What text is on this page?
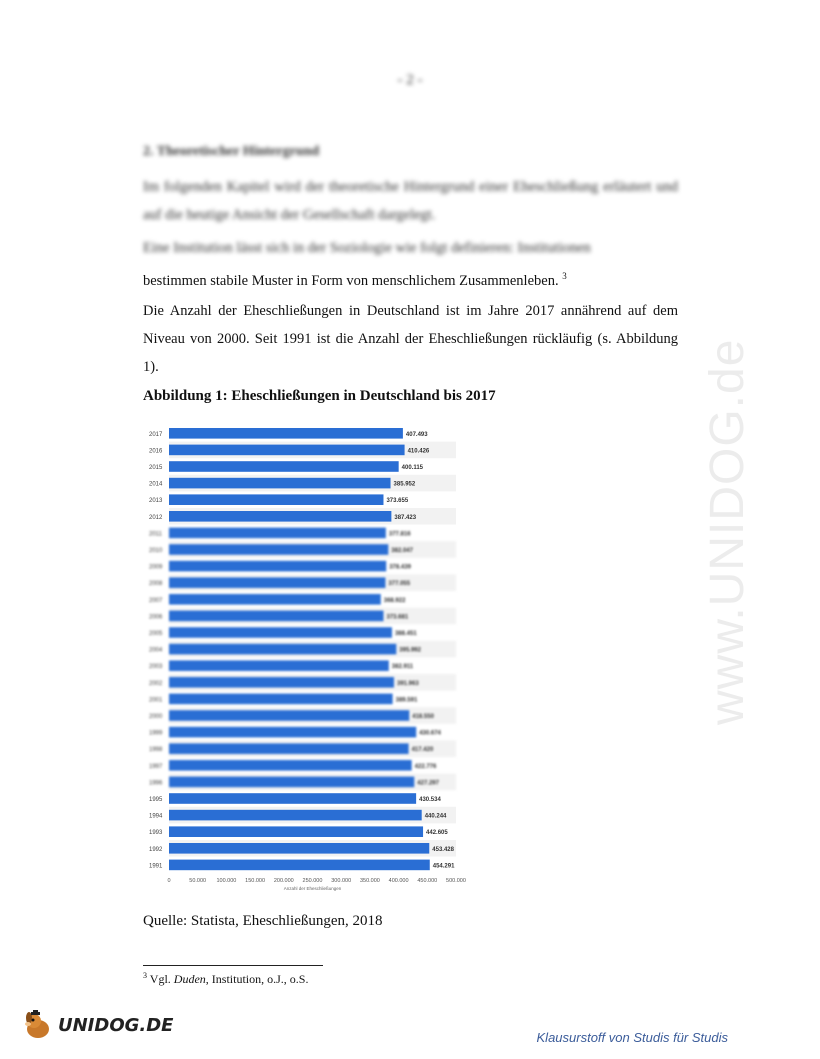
- 2 -
2. Theoretischer Hintergrund
Im folgenden Kapitel wird der theoretische Hintergrund einer Eheschließung erläutert und auf die heutige Ansicht der Gesellschaft dargelegt.
Eine Institution lässt sich in der Soziologie wie folgt definieren: Institutionen
bestimmen stabile Muster in Form von menschlichem Zusammenleben. $^3$
Die Anzahl der Eheschließungen in Deutschland ist im Jahre 2017 annährend auf dem Niveau von 2000. Seit 1991 ist die Anzahl der Eheschließungen rückläufig (s. Abbildung 1).
Abbildung 1: Eheschließungen in Deutschland bis 2017
2017	407.493
2016	410.426
2015	400.115
2014	385.952
2013	373.655
2012	387.423
2011	377.816
2010	382.047
2009	378.439
2008	377.055
2007	368.922
2006	373.681
2005	388.451
2004	395.992
2003	382.911
2002	391.963
2001	389.591
2000	418.550
1999	430.674
1998	417.420
1997	422.776
1996	427.297
1995	430.534
1994	440.244
1993	442.605
1992	453.428
1991	454.291
0	50.000 100.000 150.000 200.000 250.000 300.000 350.000 400.000 450.000 500.000
Anzahl der Eheschließungen
Quelle: Statista, Eheschließungen, 2018
$^3$ Vgl. Duden, Institution, o.J., o.S.
www.UNIDOG.de
UNIDOG.DE
Klausurstoff von Studis für Studis
